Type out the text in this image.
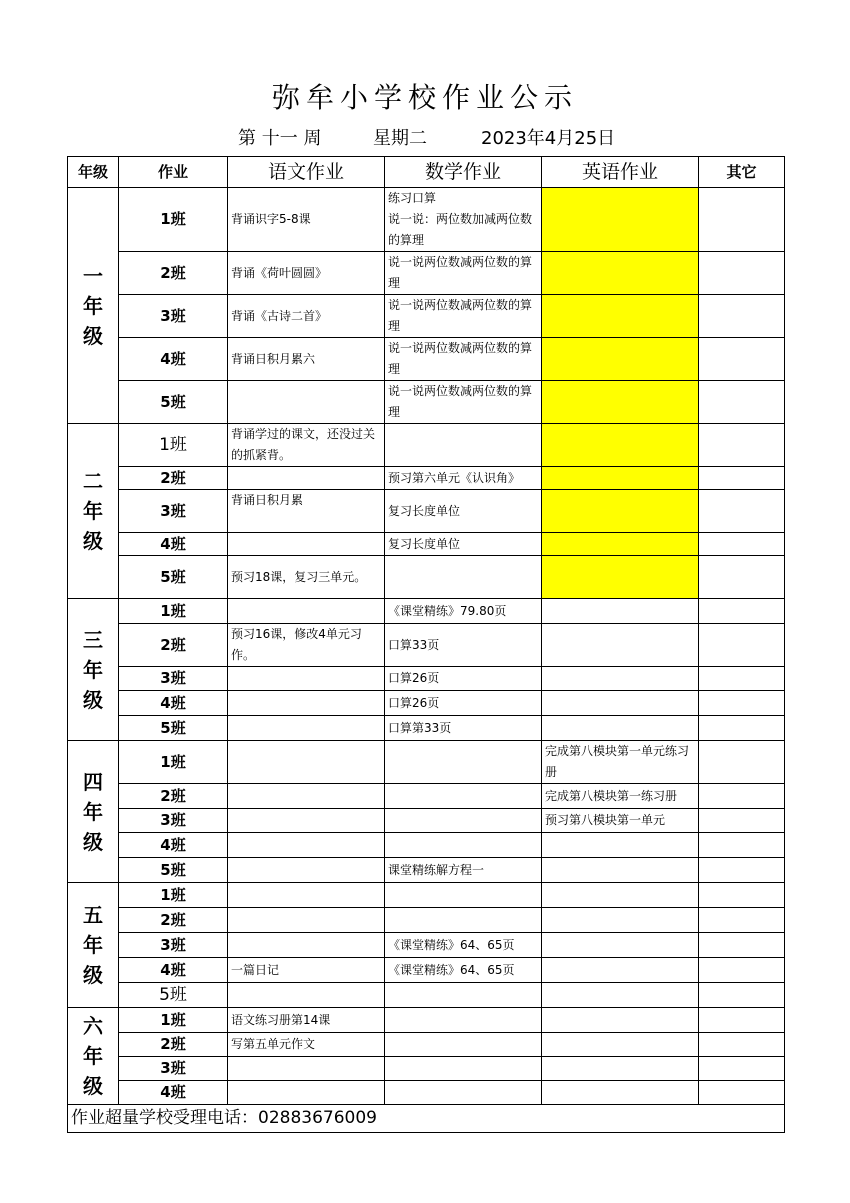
弥牟小学校作业公示
第 十一 周	星期二	2023年4月25日
年级	作业	语文作业	数学作业	英语作业	其它
一
年
级	1班	背诵识字5-8课	练习口算
说一说：两位数加减两位数的算理		
	2班	背诵《荷叶圆圆》	说一说两位数减两位数的算理		
	3班	背诵《古诗二首》	说一说两位数减两位数的算理		
	4班	背诵日积月累六	说一说两位数减两位数的算理		
	5班		说一说两位数减两位数的算理		
二
年
级	1班	背诵学过的课文，还没过关的抓紧背。			
	2班		预习第六单元《认识角》		
	3班	背诵日积月累	复习长度单位		
	4班		复习长度单位		
	5班	预习18课，复习三单元。			
三
年
级	1班		《课堂精练》79.80页		
	2班	预习16课，修改4单元习作。	口算33页		
	3班		口算26页		
	4班		口算26页		
	5班		口算第33页		
四
年
级	1班			完成第八模块第一单元练习册	
	2班			完成第八模块第一练习册	
	3班			预习第八模块第一单元	
	4班				
	5班		课堂精练解方程一		
五
年
级	1班				
	2班				
	3班		《课堂精练》64、65页		
	4班	一篇日记	《课堂精练》64、65页		
	5班				
六
年
级	1班	语文练习册第14课			
	2班	写第五单元作文			
	3班				
	4班				
作业超量学校受理电话：02883676009					
